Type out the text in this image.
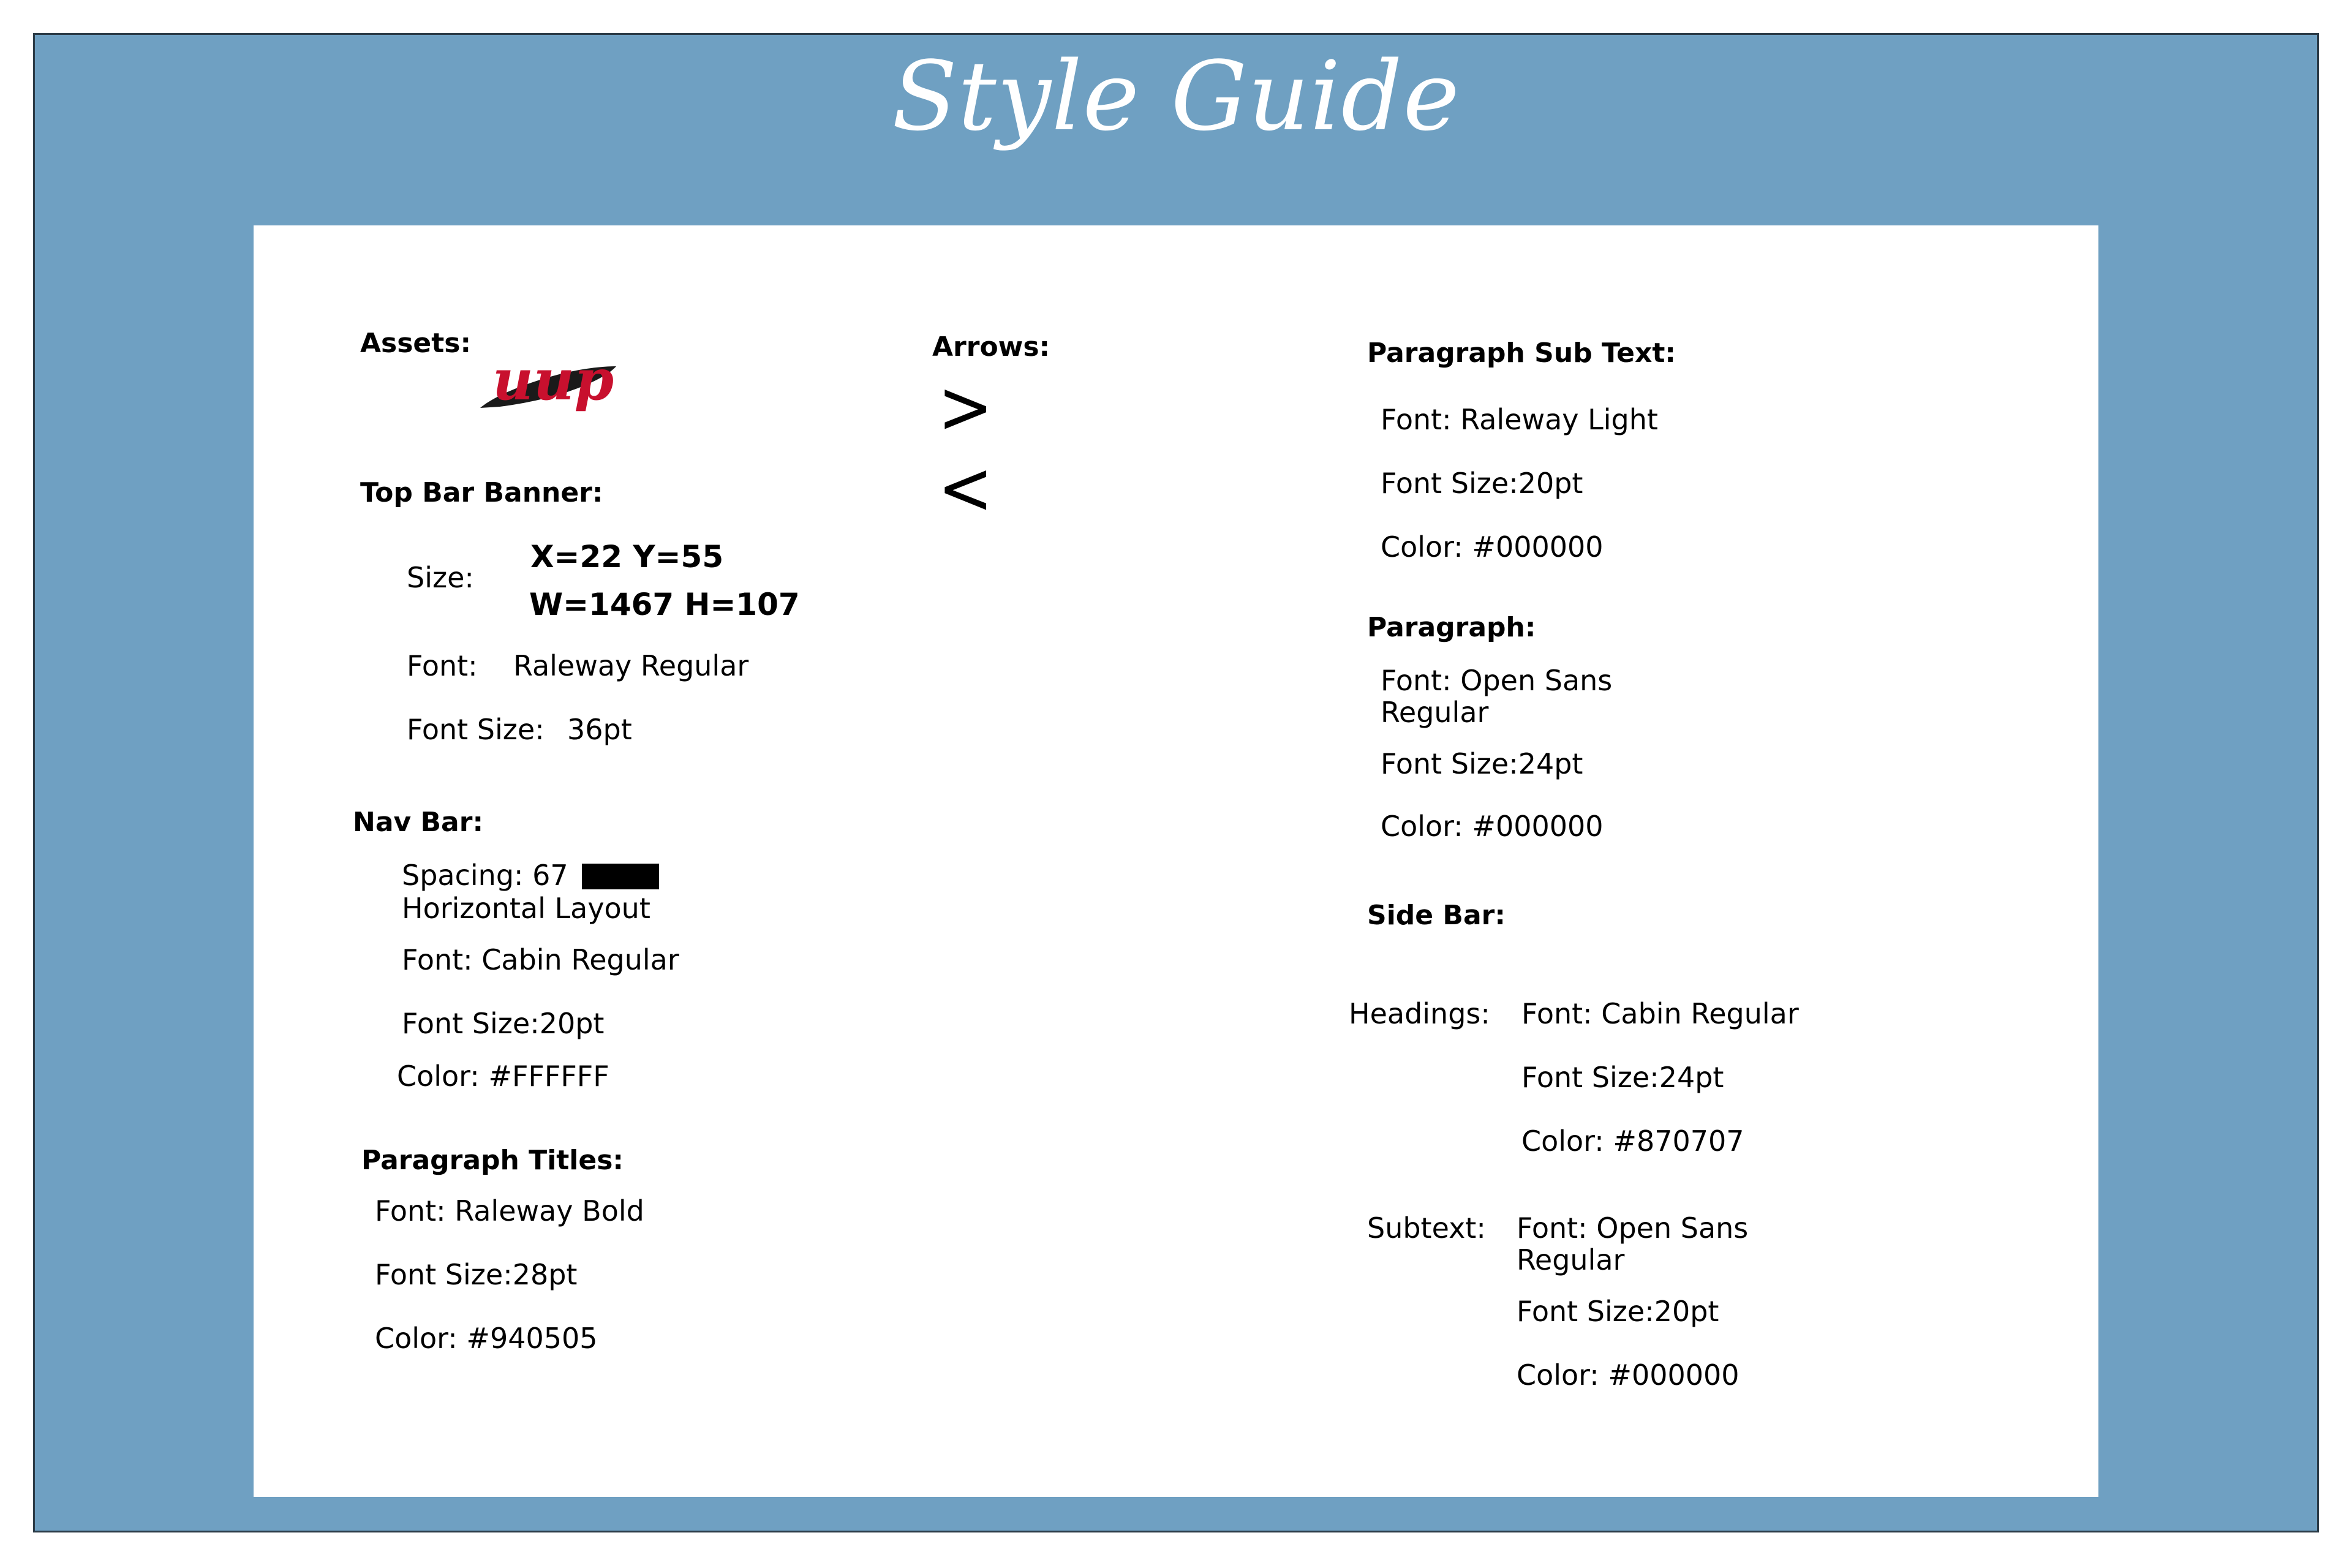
Style Guide
Assets:
uup
Top Bar Banner:
Size:
X=22 Y=55
W=1467 H=107
Font: Raleway Regular
Font Size: 36pt
Nav Bar:
Spacing: 67
Horizontal Layout
Font: Cabin Regular
Font Size:20pt
Color: #FFFFFF
Paragraph Titles:
Font: Raleway Bold
Font Size:28pt
Color: #940505
Arrows:
>
<
Paragraph Sub Text:
Font: Raleway Light
Font Size:20pt
Color: #000000
Paragraph:
Font: Open Sans
Regular
Font Size:24pt
Color: #000000
Side Bar:
Headings: Font: Cabin Regular
Font Size:24pt
Color: #870707
Subtext: Font: Open Sans
Regular
Font Size:20pt
Color: #000000
